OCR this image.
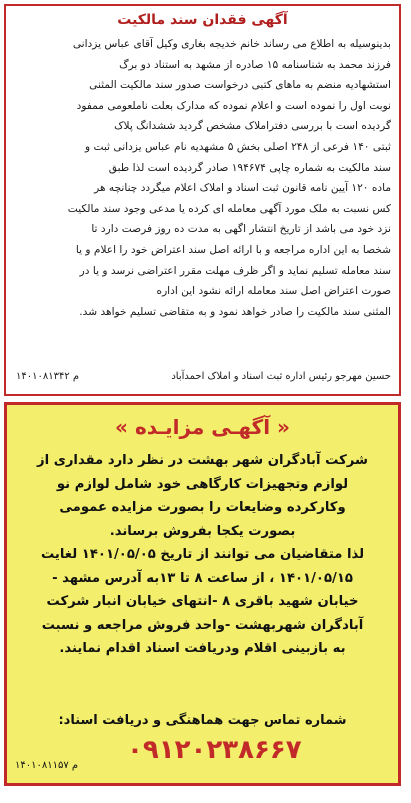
آگهی فقدان سند مالکیت
بدینوسیله به اطلاع می رساند خانم خدیجه بغاری وکیل آقای عباس یزدانی
فرزند محمد به شناسنامه ۱۵ صادره از مشهد به استناد دو برگ
استشهادیه منضم به ماهای کتبی درخواست صدور سند مالکیت المثنی
نوبت اول را نموده است و اعلام نموده که مدارک بعلت ناملعومی ممفود
گردیده است با بررسی دفتراملاک مشخص گردید ششدانگ پلاک
ثبتی ۱۴۰ فرعی از ۲۴۸ اصلی بخش ۵ مشهدیه نام عباس یزدانی ثبت و
سند مالکیت به شماره چاپی ۱۹۴۶۷۴ صادر گردیده است لذا طبق
ماده ۱۲۰ آیین نامه قانون ثبت اسناد و املاک اعلام میگردد چنانچه هر
کس نسبت به ملک مورد آگهی معامله ای کرده یا مدعی وجود سند مالکیت
نزد خود می باشد از تاریخ انتشار اگهی به مدت ده روز فرصت دارد تا
شخصا به این اداره مراجعه و با ارائه اصل سند اعتراض خود را اعلام و یا
سند معامله تسلیم نماید و اگر ظرف مهلت مقرر اعتراضی نرسد و یا در
صورت اعتراض اصل سند معامله ارائه نشود این اداره
المثنی سند مالکیت را صادر خواهد نمود و به متقاضی تسلیم خواهد شد.
حسین مهرجو رئیس اداره ثبت اسناد و املاک احمدآباد
م ۱۴۰۱۰۸۱۳۴۲
« آگهـی مزایـده »
شرکت آبادگران شهر بهشت در نظر دارد مقداری از
لوازم وتجهیزات کارگاهی خود شامل لوازم نو
وکارکرده وضایعات را بصورت مزایده عمومی
بصورت یکجا بفروش برساند.
لذا متقاضیان می توانند از تاریخ ۱۴۰۱/۰۵/۰۵ لغایت
۱۴۰۱/۰۵/۱۵ ، از ساعت ۸ تا ۱۳به آدرس مشهد -
خیابان شهید باقری ۸ -انتهای خیابان انبار شرکت
آبادگران شهربهشت -واحد فروش مراجعه و نسبت
به بازبینی اقلام ودریافت اسناد اقدام نمایند.
شماره تماس جهت هماهنگی و دریافت اسناد:
۰۹۱۲۰۲۳۸۶۶۷
م ۱۴۰۱۰۸۱۱۵۷
